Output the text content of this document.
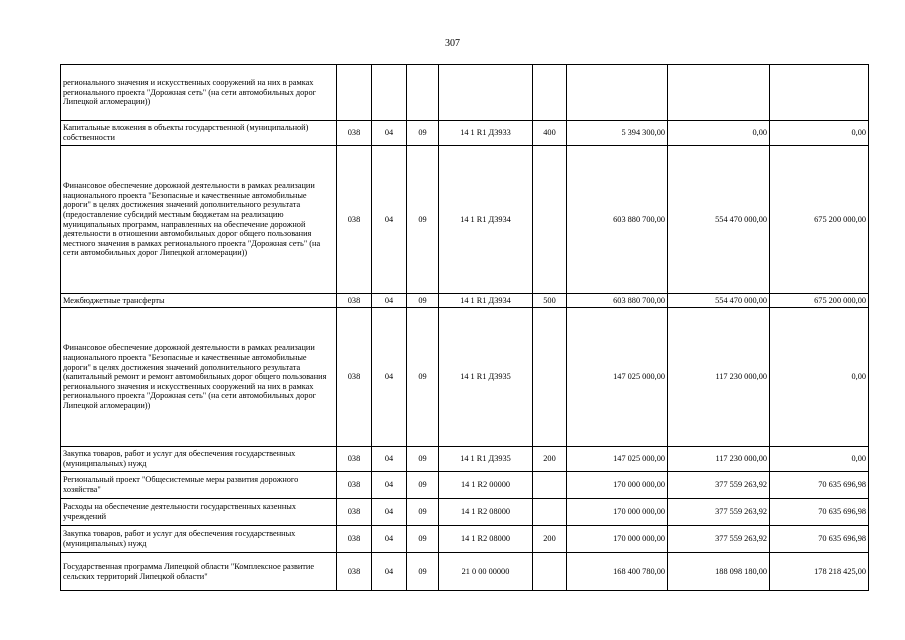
307
регионального значения и искусственных сооружений на них в рамках регионального проекта "Дорожная сеть" (на сети автомобильных дорог Липецкой агломерации))								
Капитальные вложения в объекты государственной (муниципальной) собственности	038	04	09	14 1 R1 Д3933	400	5 394 300,00	0,00	0,00
Финансовое обеспечение дорожной деятельности в рамках реализации национального проекта "Безопасные и качественные автомобильные дороги" в целях достижения значений дополнительного результата (предоставление субсидий местным бюджетам на реализацию муниципальных программ, направленных на обеспечение дорожной деятельности в отношении автомобильных дорог общего пользования местного значения в рамках регионального проекта "Дорожная сеть" (на сети автомобильных дорог Липецкой агломерации))	038	04	09	14 1 R1 Д3934		603 880 700,00	554 470 000,00	675 200 000,00
Межбюджетные трансферты	038	04	09	14 1 R1 Д3934	500	603 880 700,00	554 470 000,00	675 200 000,00
Финансовое обеспечение дорожной деятельности в рамках реализации национального проекта "Безопасные и качественные автомобильные дороги" в целях достижения значений дополнительного результата (капитальный ремонт и ремонт автомобильных дорог общего пользования регионального значения и искусственных сооружений на них в рамках регионального проекта "Дорожная сеть" (на сети автомобильных дорог Липецкой агломерации))	038	04	09	14 1 R1 Д3935		147 025 000,00	117 230 000,00	0,00
Закупка товаров, работ и услуг для обеспечения государственных (муниципальных) нужд	038	04	09	14 1 R1 Д3935	200	147 025 000,00	117 230 000,00	0,00
Региональный проект "Общесистемные меры развития дорожного хозяйства"	038	04	09	14 1 R2 00000		170 000 000,00	377 559 263,92	70 635 696,98
Расходы на обеспечение деятельности государственных казенных учреждений	038	04	09	14 1 R2 08000		170 000 000,00	377 559 263,92	70 635 696,98
Закупка товаров, работ и услуг для обеспечения государственных (муниципальных) нужд	038	04	09	14 1 R2 08000	200	170 000 000,00	377 559 263,92	70 635 696,98
Государственная программа Липецкой области "Комплексное развитие сельских территорий Липецкой области"	038	04	09	21 0 00 00000		168 400 780,00	188 098 180,00	178 218 425,00
